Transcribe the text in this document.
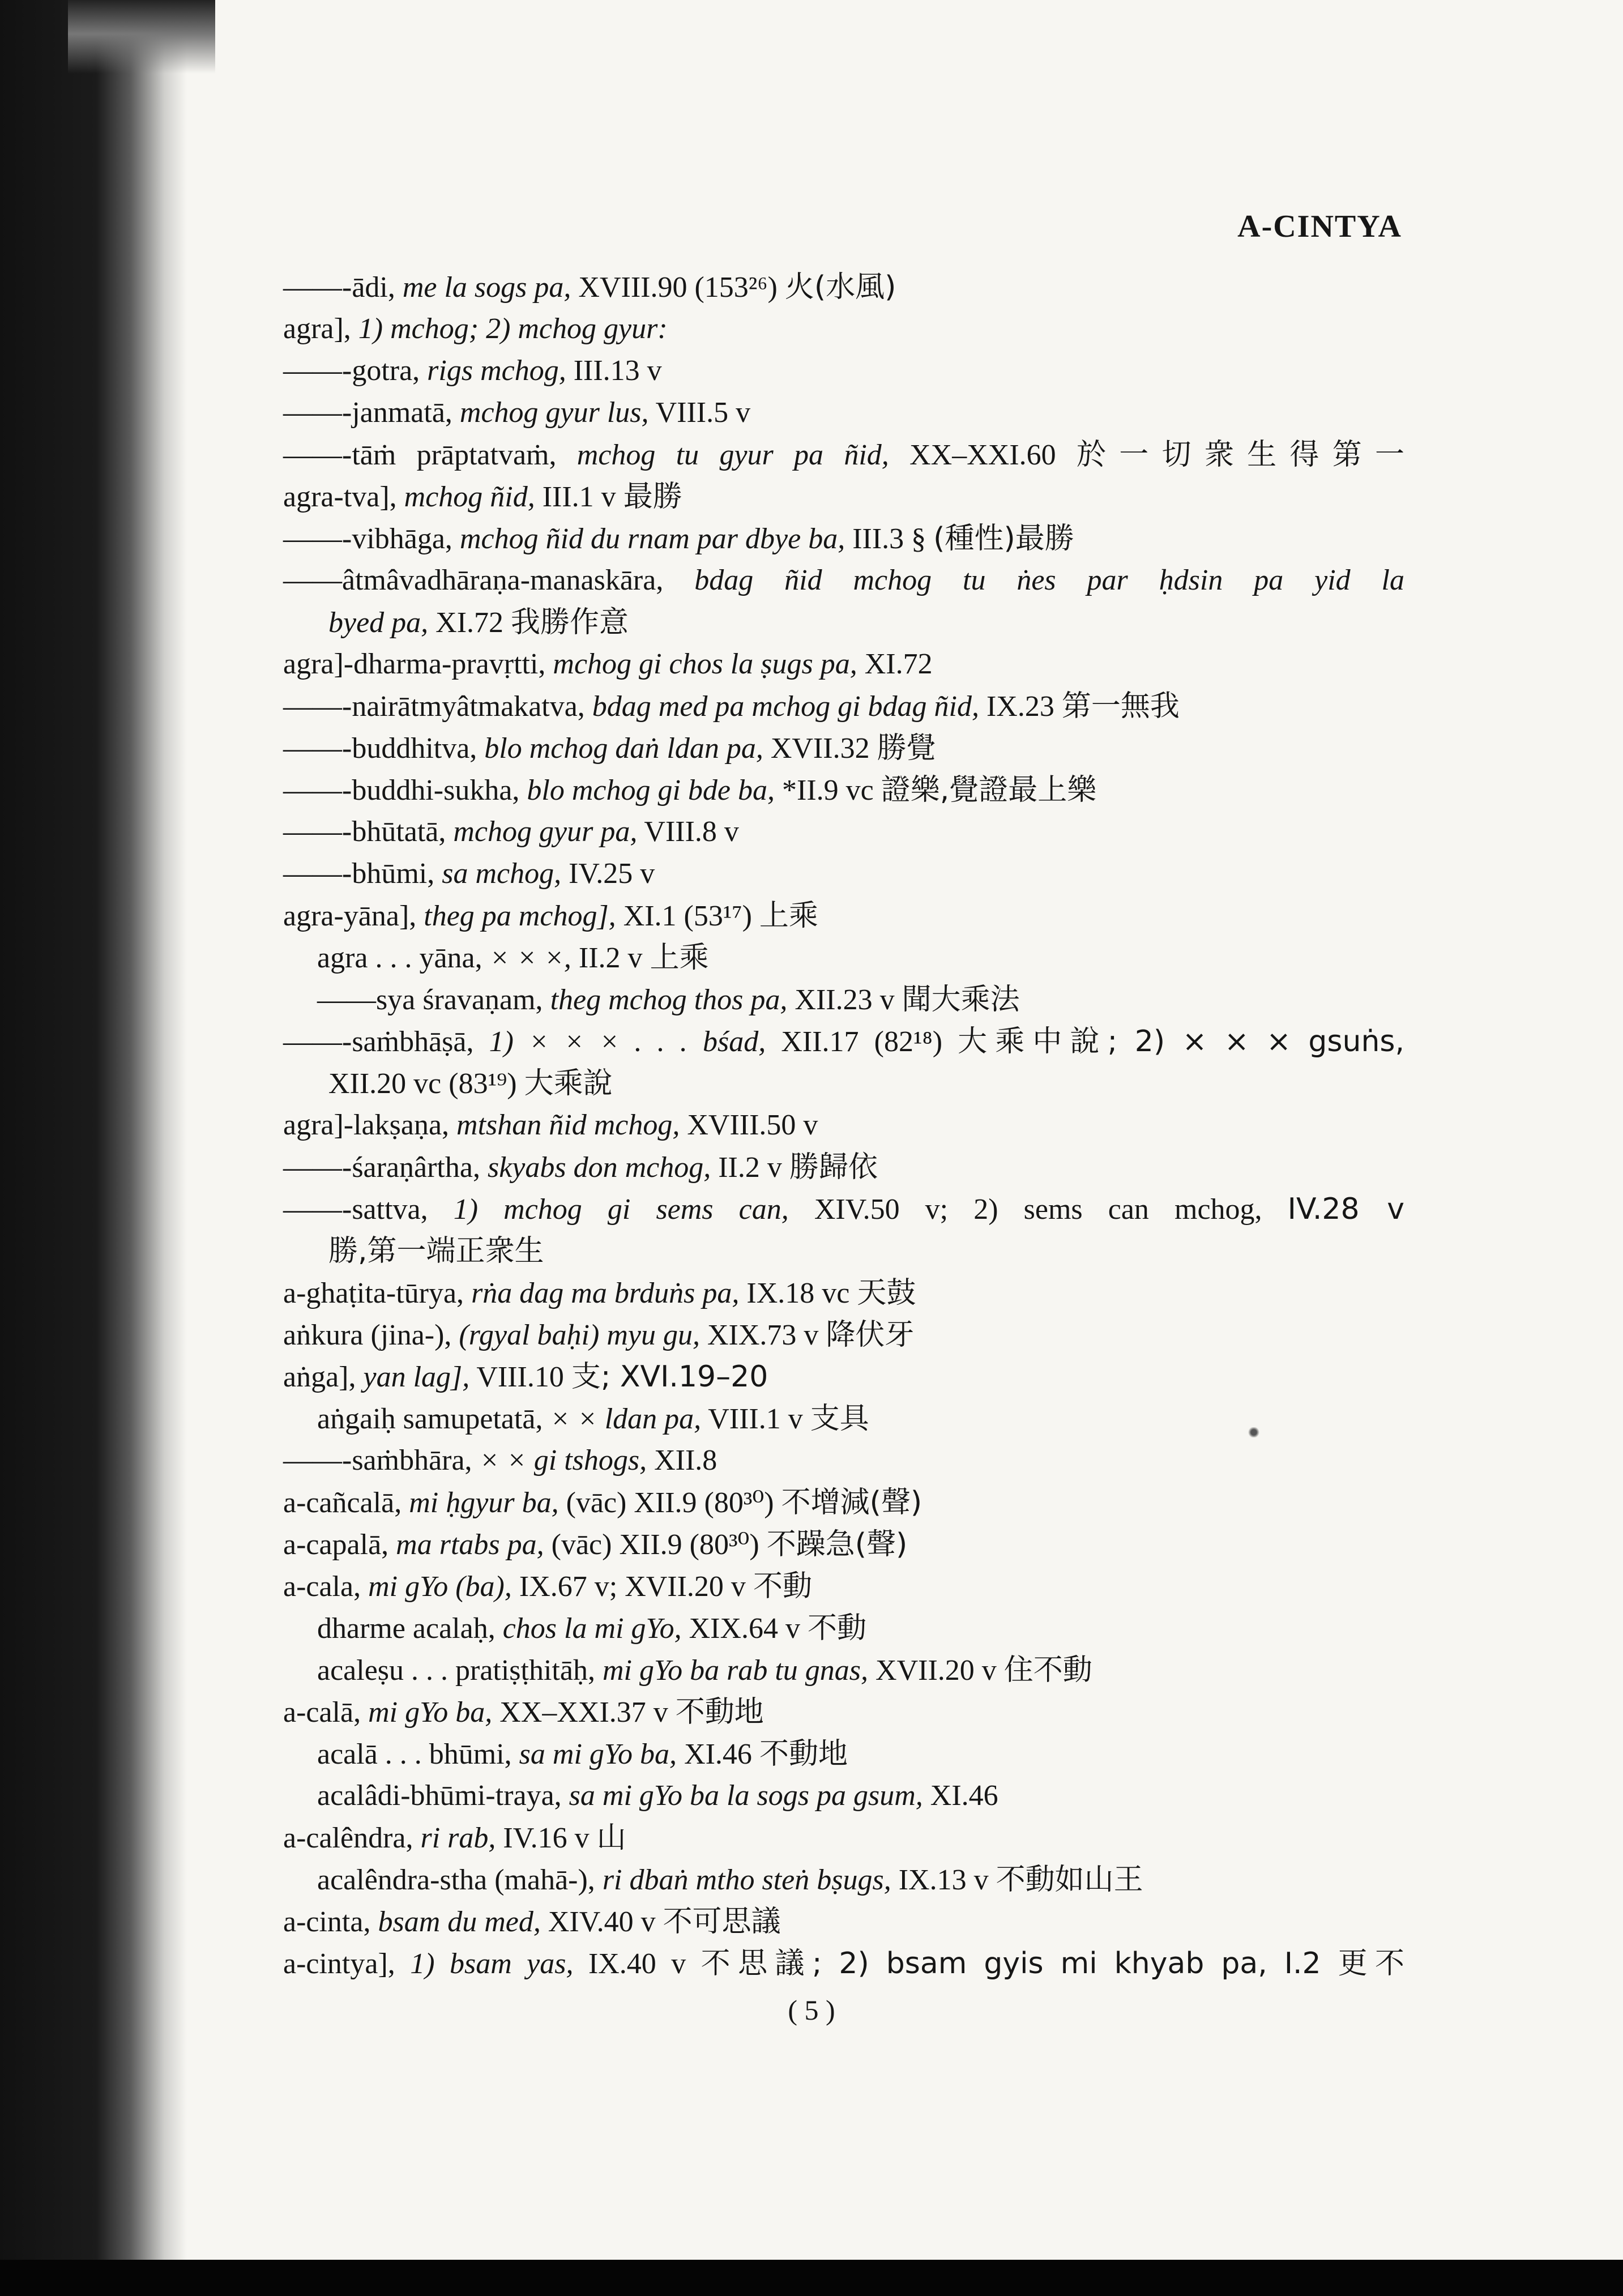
A-CINTYA
——-ādi, me la sogs pa, XVIII.90 (153²⁶) 火(水風)
agra], 1) mchog; 2) mchog gyur:
——-gotra, rigs mchog, III.13 v
——-janmatā, mchog gyur lus, VIII.5 v
——-tāṁ prāptatvaṁ, mchog tu gyur pa ñid, XX–XXI.60 於一切衆生得第一
agra-tva], mchog ñid, III.1 v 最勝
——-vibhāga, mchog ñid du rnam par dbye ba, III.3 § (種性)最勝
——âtmâvadhāraṇa-manaskāra, bdag ñid mchog tu ṅes par ḥdsin pa yid la
byed pa, XI.72 我勝作意
agra]-dharma-pravṛtti, mchog gi chos la ṣugs pa, XI.72
——-nairātmyâtmakatva, bdag med pa mchog gi bdag ñid, IX.23 第一無我
——-buddhitva, blo mchog daṅ ldan pa, XVII.32 勝覺
——-buddhi-sukha, blo mchog gi bde ba, *II.9 vc 證樂,覺證最上樂
——-bhūtatā, mchog gyur pa, VIII.8 v
——-bhūmi, sa mchog, IV.25 v
agra-yāna], theg pa mchog], XI.1 (53¹⁷) 上乘
agra . . . yāna, × × ×, II.2 v 上乘
——sya śravaṇam, theg mchog thos pa, XII.23 v 聞大乘法
——-saṁbhāṣā, 1) × × × . . . bśad, XII.17 (82¹⁸) 大乘中說; 2) × × × gsuṅs,
XII.20 vc (83¹⁹) 大乘說
agra]-lakṣaṇa, mtshan ñid mchog, XVIII.50 v
——-śaraṇârtha, skyabs don mchog, II.2 v 勝歸依
——-sattva, 1) mchog gi sems can, XIV.50 v; 2) sems can mchog, IV.28 v
勝,第一端正衆生
a-ghaṭita-tūrya, rṅa dag ma brduṅs pa, IX.18 vc 天鼓
aṅkura (jina-), (rgyal baḥi) myu gu, XIX.73 v 降伏牙
aṅga], yan lag], VIII.10 支; XVI.19–20
aṅgaiḥ samupetatā, × × ldan pa, VIII.1 v 支具
——-saṁbhāra, × × gi tshogs, XII.8
a-cañcalā, mi ḥgyur ba, (vāc) XII.9 (80³⁰) 不增減(聲)
a-capalā, ma rtabs pa, (vāc) XII.9 (80³⁰) 不躁急(聲)
a-cala, mi gYo (ba), IX.67 v; XVII.20 v 不動
dharme acalaḥ, chos la mi gYo, XIX.64 v 不動
acaleṣu . . . pratiṣṭhitāḥ, mi gYo ba rab tu gnas, XVII.20 v 住不動
a-calā, mi gYo ba, XX–XXI.37 v 不動地
acalā . . . bhūmi, sa mi gYo ba, XI.46 不動地
acalâdi-bhūmi-traya, sa mi gYo ba la sogs pa gsum, XI.46
a-calêndra, ri rab, IV.16 v 山
acalêndra-stha (mahā-), ri dbaṅ mtho steṅ bṣugs, IX.13 v 不動如山王
a-cinta, bsam du med, XIV.40 v 不可思議
a-cintya], 1) bsam yas, IX.40 v 不思議; 2) bsam gyis mi khyab pa, I.2 更不
( 5 )
